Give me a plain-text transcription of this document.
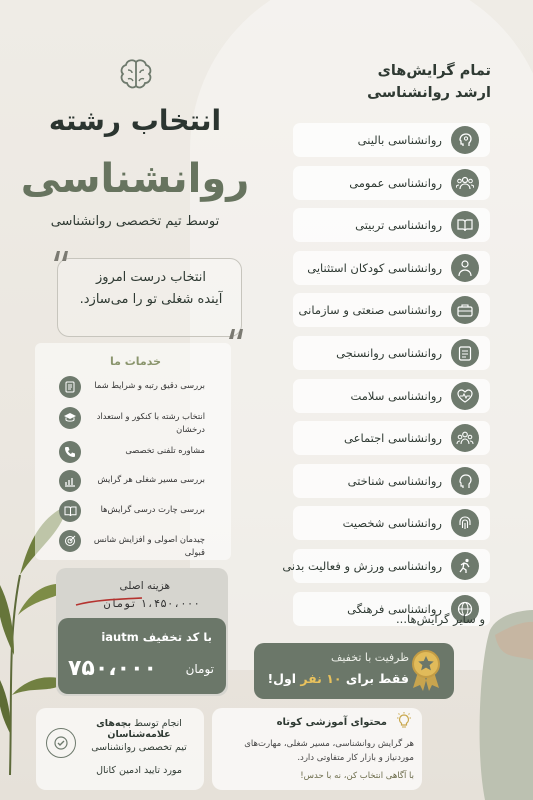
تمام گرایش‌های
ارشد روانشناسی
روانشناسی بالینی
روانشناسی عمومی
روانشناسی تربیتی
روانشناسی کودکان استثنایی
روانشناسی صنعتی و سازمانی
روانشناسی روانسنجی
روانشناسی سلامت
روانشناسی اجتماعی
روانشناسی شناختی
روانشناسی شخصیت
روانشناسی ورزش و فعالیت بدنی
روانشناسی فرهنگی
و سایر گرایش‌ها...
ظرفیت با تخفیف
فقط برای ۱۰ نفر اول!
محتوای آموزشی کوتاه
هر گرایش روانشناسی، مسیر شغلی، مهارت‌های موردنیاز و بازار کار متفاوتی دارد.
با آگاهی انتخاب کن، نه با حدس!
انتخاب رشته
روانشناسی
توسط تیم تخصصی روانشناسی
انتخاب درست امروز
آینده شغلی تو را می‌سازد.
خدمات ما
بررسی دقیق رتبه و شرایط شما
انتخاب رشته با کنکور و استعداد درخشان
مشاوره تلفنی تخصصی
بررسی مسیر شغلی هر گرایش
بررسی چارت درسی گرایش‌ها
چیدمان اصولی و افزایش شانس قبولی
هزینه اصلی
۱،۴۵۰،۰۰۰ تومان
با کد تخفیف iautm
۷۵۰،۰۰۰ تومان
انجام توسط بچه‌های علامه‌شناسان
تیم تخصصی روانشناسی
مورد تایید ادمین کانال
